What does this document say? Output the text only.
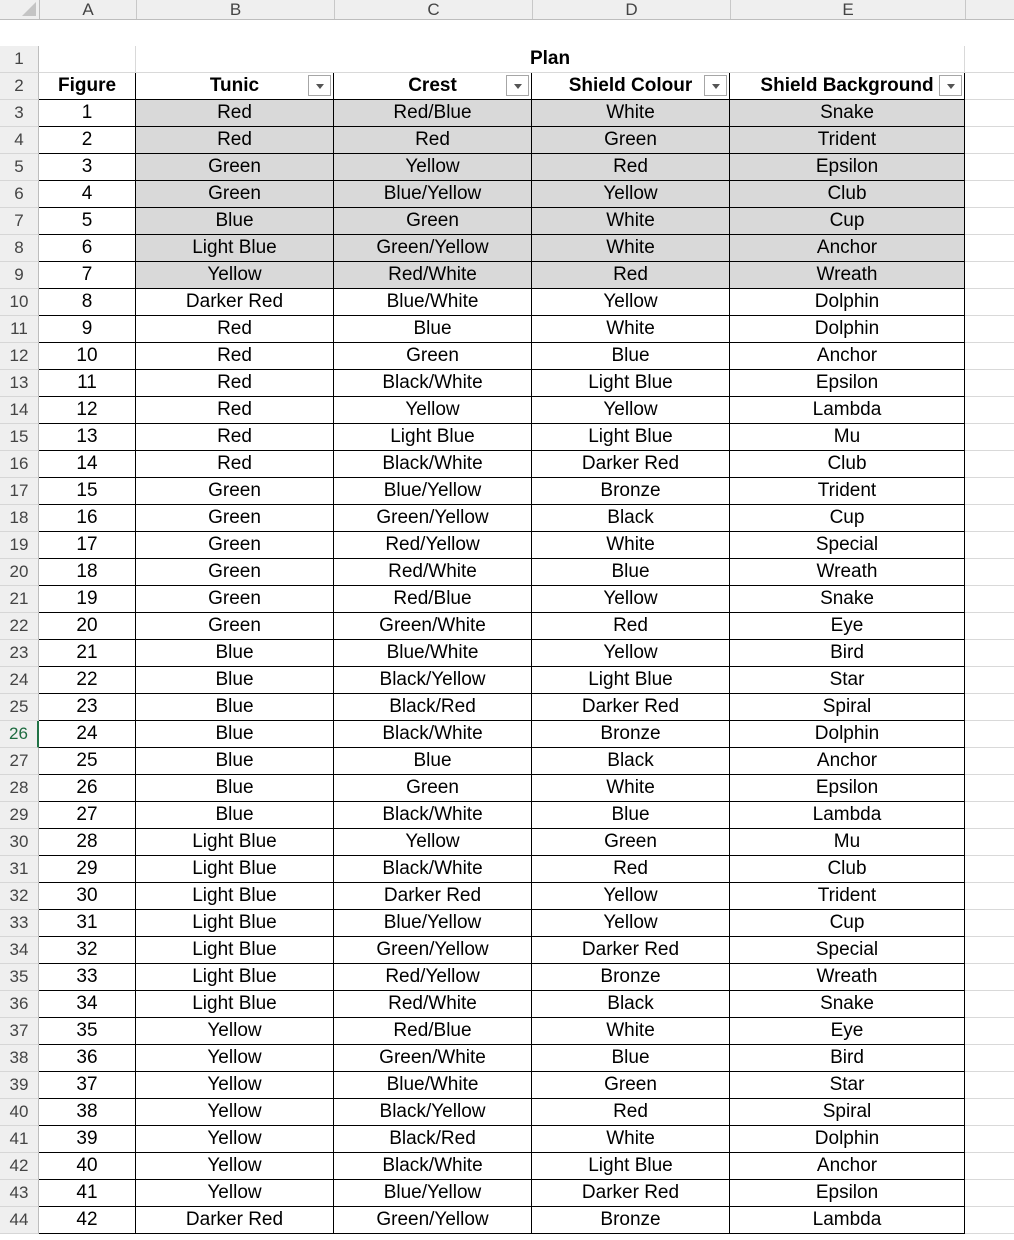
A	B	C	D	E
1	Plan
2	Figure	Tunic	Crest	Shield Colour	Shield Background
3	1	Red	Red/Blue	White	Snake
4	2	Red	Red	Green	Trident
5	3	Green	Yellow	Red	Epsilon
6	4	Green	Blue/Yellow	Yellow	Club
7	5	Blue	Green	White	Cup
8	6	Light Blue	Green/Yellow	White	Anchor
9	7	Yellow	Red/White	Red	Wreath
10	8	Darker Red	Blue/White	Yellow	Dolphin
11	9	Red	Blue	White	Dolphin
12	10	Red	Green	Blue	Anchor
13	11	Red	Black/White	Light Blue	Epsilon
14	12	Red	Yellow	Yellow	Lambda
15	13	Red	Light Blue	Light Blue	Mu
16	14	Red	Black/White	Darker Red	Club
17	15	Green	Blue/Yellow	Bronze	Trident
18	16	Green	Green/Yellow	Black	Cup
19	17	Green	Red/Yellow	White	Special
20	18	Green	Red/White	Blue	Wreath
21	19	Green	Red/Blue	Yellow	Snake
22	20	Green	Green/White	Red	Eye
23	21	Blue	Blue/White	Yellow	Bird
24	22	Blue	Black/Yellow	Light Blue	Star
25	23	Blue	Black/Red	Darker Red	Spiral
26	24	Blue	Black/White	Bronze	Dolphin
27	25	Blue	Blue	Black	Anchor
28	26	Blue	Green	White	Epsilon
29	27	Blue	Black/White	Blue	Lambda
30	28	Light Blue	Yellow	Green	Mu
31	29	Light Blue	Black/White	Red	Club
32	30	Light Blue	Darker Red	Yellow	Trident
33	31	Light Blue	Blue/Yellow	Yellow	Cup
34	32	Light Blue	Green/Yellow	Darker Red	Special
35	33	Light Blue	Red/Yellow	Bronze	Wreath
36	34	Light Blue	Red/White	Black	Snake
37	35	Yellow	Red/Blue	White	Eye
38	36	Yellow	Green/White	Blue	Bird
39	37	Yellow	Blue/White	Green	Star
40	38	Yellow	Black/Yellow	Red	Spiral
41	39	Yellow	Black/Red	White	Dolphin
42	40	Yellow	Black/White	Light Blue	Anchor
43	41	Yellow	Blue/Yellow	Darker Red	Epsilon
44	42	Darker Red	Green/Yellow	Bronze	Lambda
